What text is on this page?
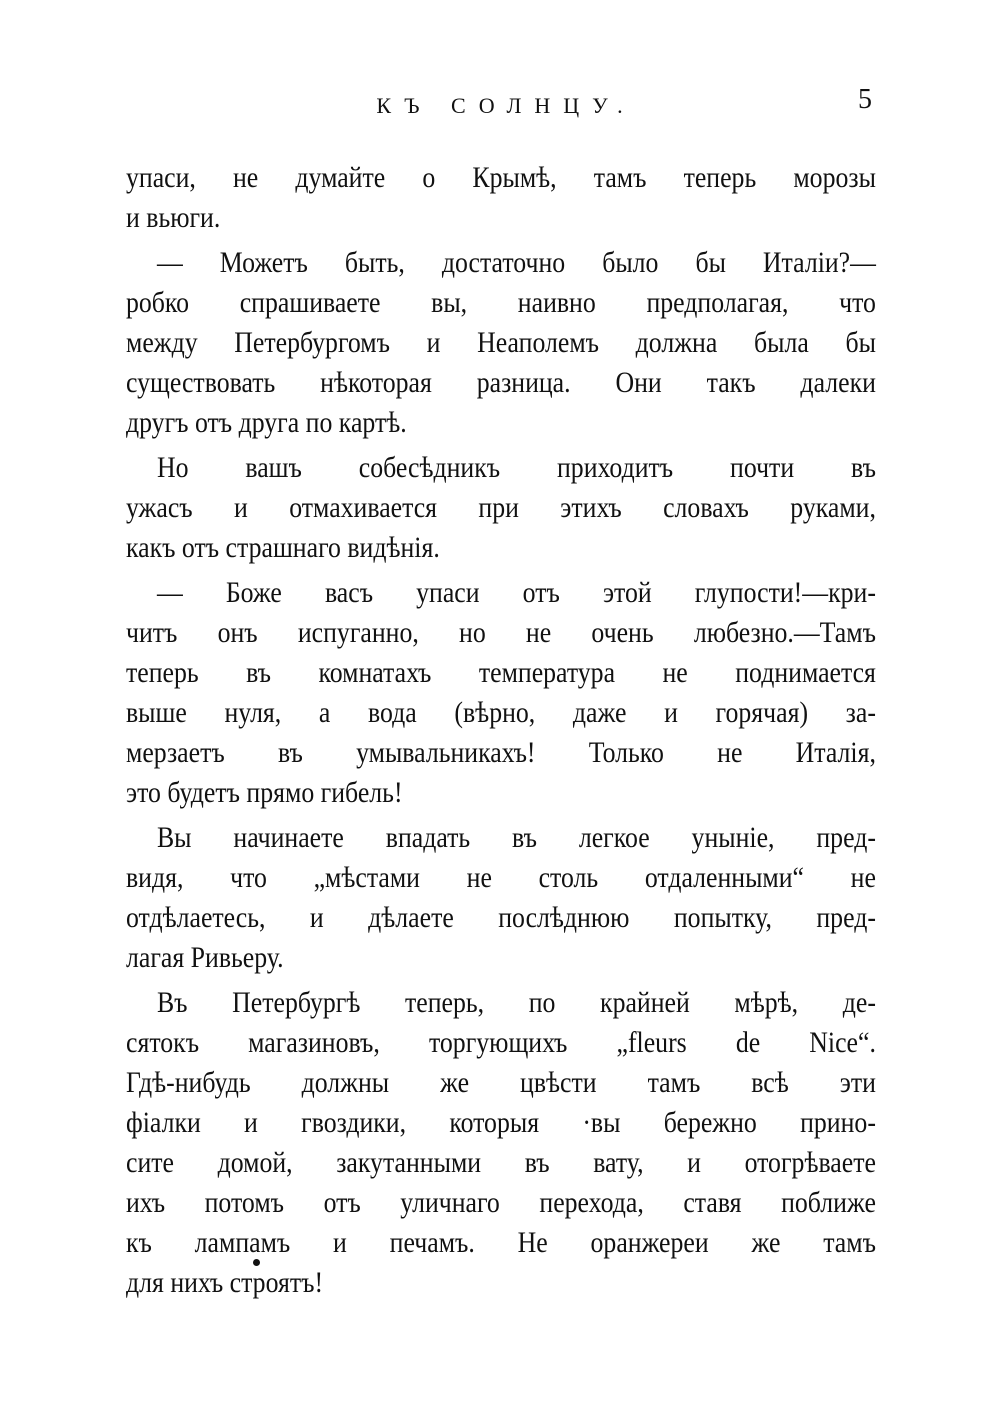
КЪ СОЛНЦУ.	5
упаси, не думайте о Крымѣ, тамъ теперь морозы
и вьюги.
— Можетъ быть, достаточно было бы Италіи?—
робко спрашиваете вы, наивно предполагая, что
между Петербургомъ и Неаполемъ должна была бы
существовать нѣкоторая разница. Они такъ далеки
другъ отъ друга по картѣ.
Но вашъ собесѣдникъ приходитъ почти въ
ужасъ и отмахивается при этихъ словахъ руками,
какъ отъ страшнаго видѣнія.
— Боже васъ упаси отъ этой глупости!—кри-
читъ онъ испуганно, но не очень любезно.—Тамъ
теперь въ комнатахъ температура не поднимается
выше нуля, а вода (вѣрно, даже и горячая) за-
мерзаетъ въ умывальникахъ! Только не Италія,
это будетъ прямо гибель!
Вы начинаете впадать въ легкое уныніе, пред-
видя, что „мѣстами не столь отдаленными“ не
отдѣлаетесь, и дѣлаете послѣднюю попытку, пред-
лагая Ривьеру.
Въ Петербургѣ теперь, по крайней мѣрѣ, де-
сятокъ магазиновъ, торгующихъ „fleurs de Nice“.
Гдѣ-нибудь должны же цвѣсти тамъ всѣ эти
фіалки и гвоздики, которыя ·вы бережно прино-
сите домой, закутанными въ вату, и отогрѣваете
ихъ потомъ отъ уличнаго перехода, ставя поближе
къ лампамъ и печамъ. Не оранжереи же тамъ
для нихъ строятъ!
